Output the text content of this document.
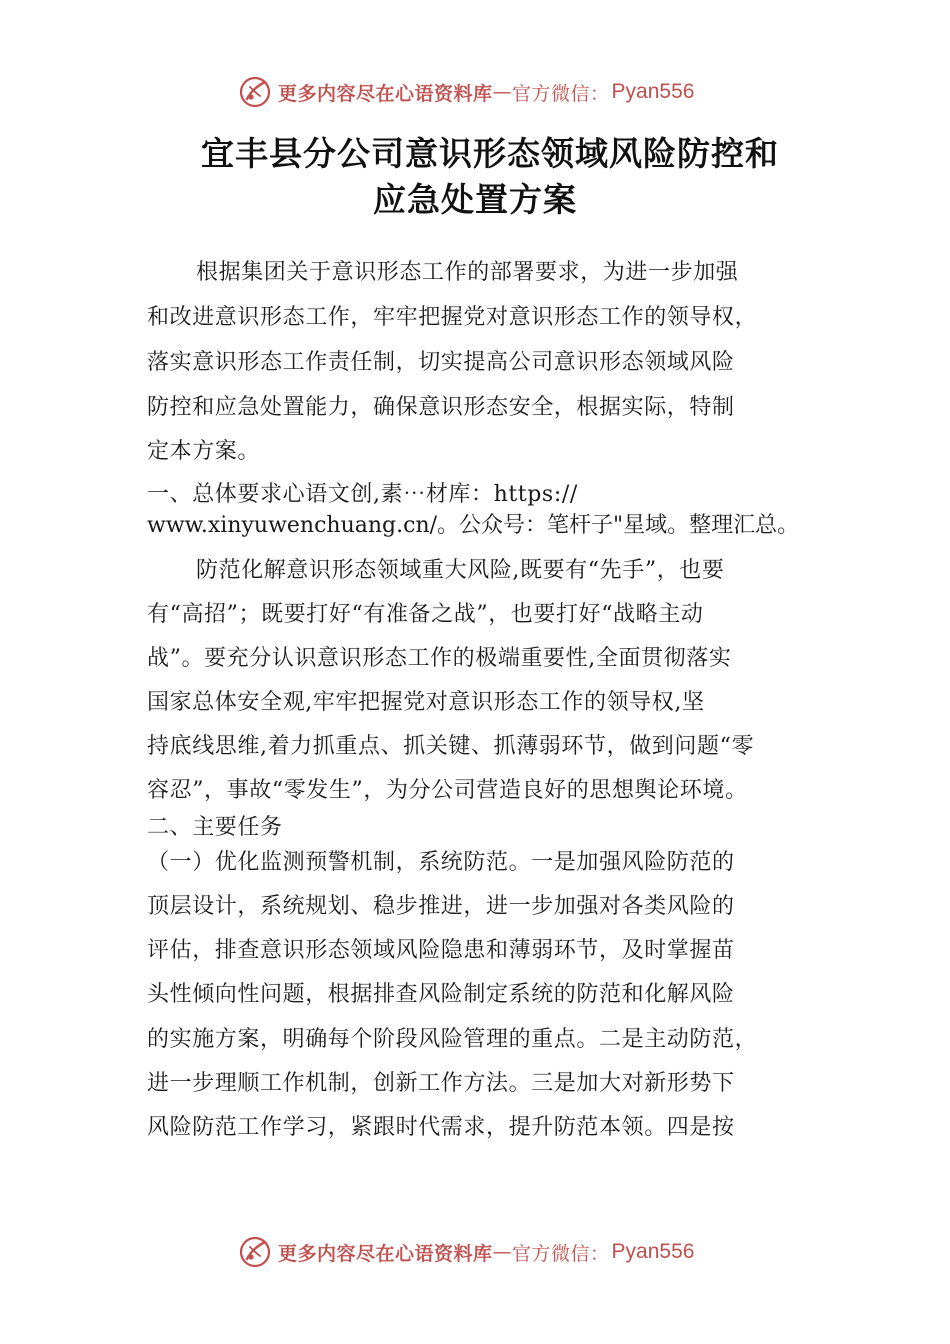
更多内容尽在心语资料库 — 官方微信： Pyan556
宜丰县分公司意识形态领域风险防控和
应急处置方案
根据集团关于意识形态工作的部署要求，为进一步加强
和改进意识形态工作，牢牢把握党对意识形态工作的领导权，
落实意识形态工作责任制，切实提高公司意识形态领域风险
防控和应急处置能力，确保意识形态安全，根据实际，特制
定本方案。
一、总体要求心语文创,素⋯材库：https://
www.xinyuwenchuang.cn/。公众号：笔杆子"星域。整理汇总。
防范化解意识形态领域重大风险,既要有“先手”，也要
有“高招”；既要打好“有准备之战”，也要打好“战略主动
战”。要充分认识意识形态工作的极端重要性,全面贯彻落实
国家总体安全观,牢牢把握党对意识形态工作的领导权,坚
持底线思维,着力抓重点、抓关键、抓薄弱环节，做到问题“零
容忍”，事故“零发生”，为分公司营造良好的思想舆论环境。
二、主要任务
（一）优化监测预警机制，系统防范。一是加强风险防范的
顶层设计，系统规划、稳步推进，进一步加强对各类风险的
评估，排查意识形态领域风险隐患和薄弱环节，及时掌握苗
头性倾向性问题，根据排查风险制定系统的防范和化解风险
的实施方案，明确每个阶段风险管理的重点。二是主动防范，
进一步理顺工作机制，创新工作方法。三是加大对新形势下
风险防范工作学习，紧跟时代需求，提升防范本领。四是按
更多内容尽在心语资料库 — 官方微信： Pyan556
